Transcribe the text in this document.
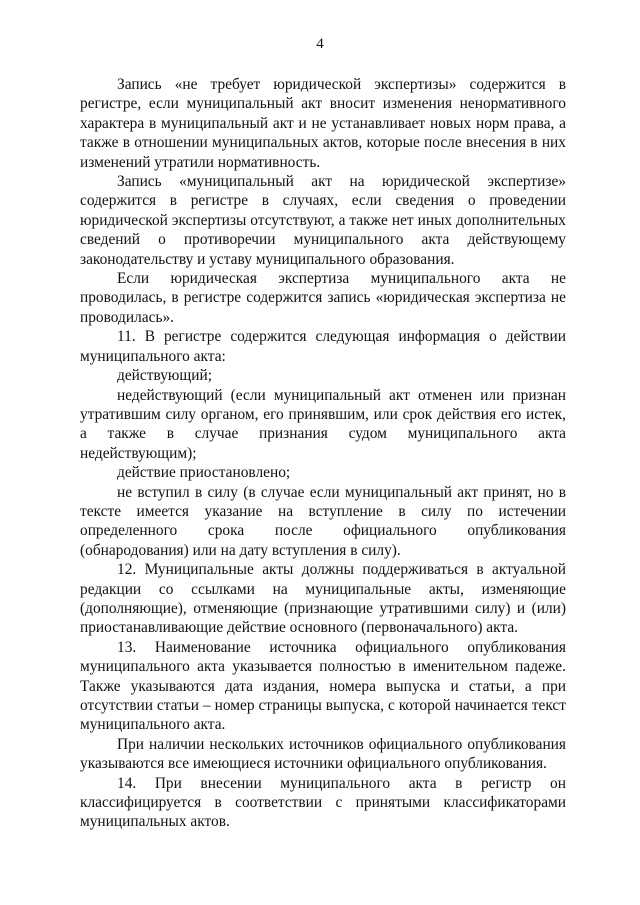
4

Запись «не требует юридической экспертизы» содержится в регистре, если муниципальный акт вносит изменения ненормативного характера в муниципальный акт и не устанавливает новых норм права, а также в отношении муниципальных актов, которые после внесения в них изменений утратили нормативность.

Запись «муниципальный акт на юридической экспертизе» содержится в регистре в случаях, если сведения о проведении юридической экспертизы отсутствуют, а также нет иных дополнительных сведений о противоречии муниципального акта действующему законодательству и уставу муниципального образования.

Если юридическая экспертиза муниципального акта не проводилась, в регистре содержится запись «юридическая экспертиза не проводилась».

11. В регистре содержится следующая информация о действии муниципального акта:

действующий;

недействующий (если муниципальный акт отменен или признан утратившим силу органом, его принявшим, или срок действия его истек, а также в случае признания судом муниципального акта недействующим);

действие приостановлено;

не вступил в силу (в случае если муниципальный акт принят, но в тексте имеется указание на вступление в силу по истечении определенного срока после официального опубликования (обнародования) или на дату вступления в силу).

12. Муниципальные акты должны поддерживаться в актуальной редакции со ссылками на муниципальные акты, изменяющие (дополняющие), отменяющие (признающие утратившими силу) и (или) приостанавливающие действие основного (первоначального) акта.

13. Наименование источника официального опубликования муниципального акта указывается полностью в именительном падеже. Также указываются дата издания, номера выпуска и статьи, а при отсутствии статьи – номер страницы выпуска, с которой начинается текст муниципального акта.

При наличии нескольких источников официального опубликования указываются все имеющиеся источники официального опубликования.

14. При внесении муниципального акта в регистр он классифицируется в соответствии с принятыми классификаторами муниципальных актов.
